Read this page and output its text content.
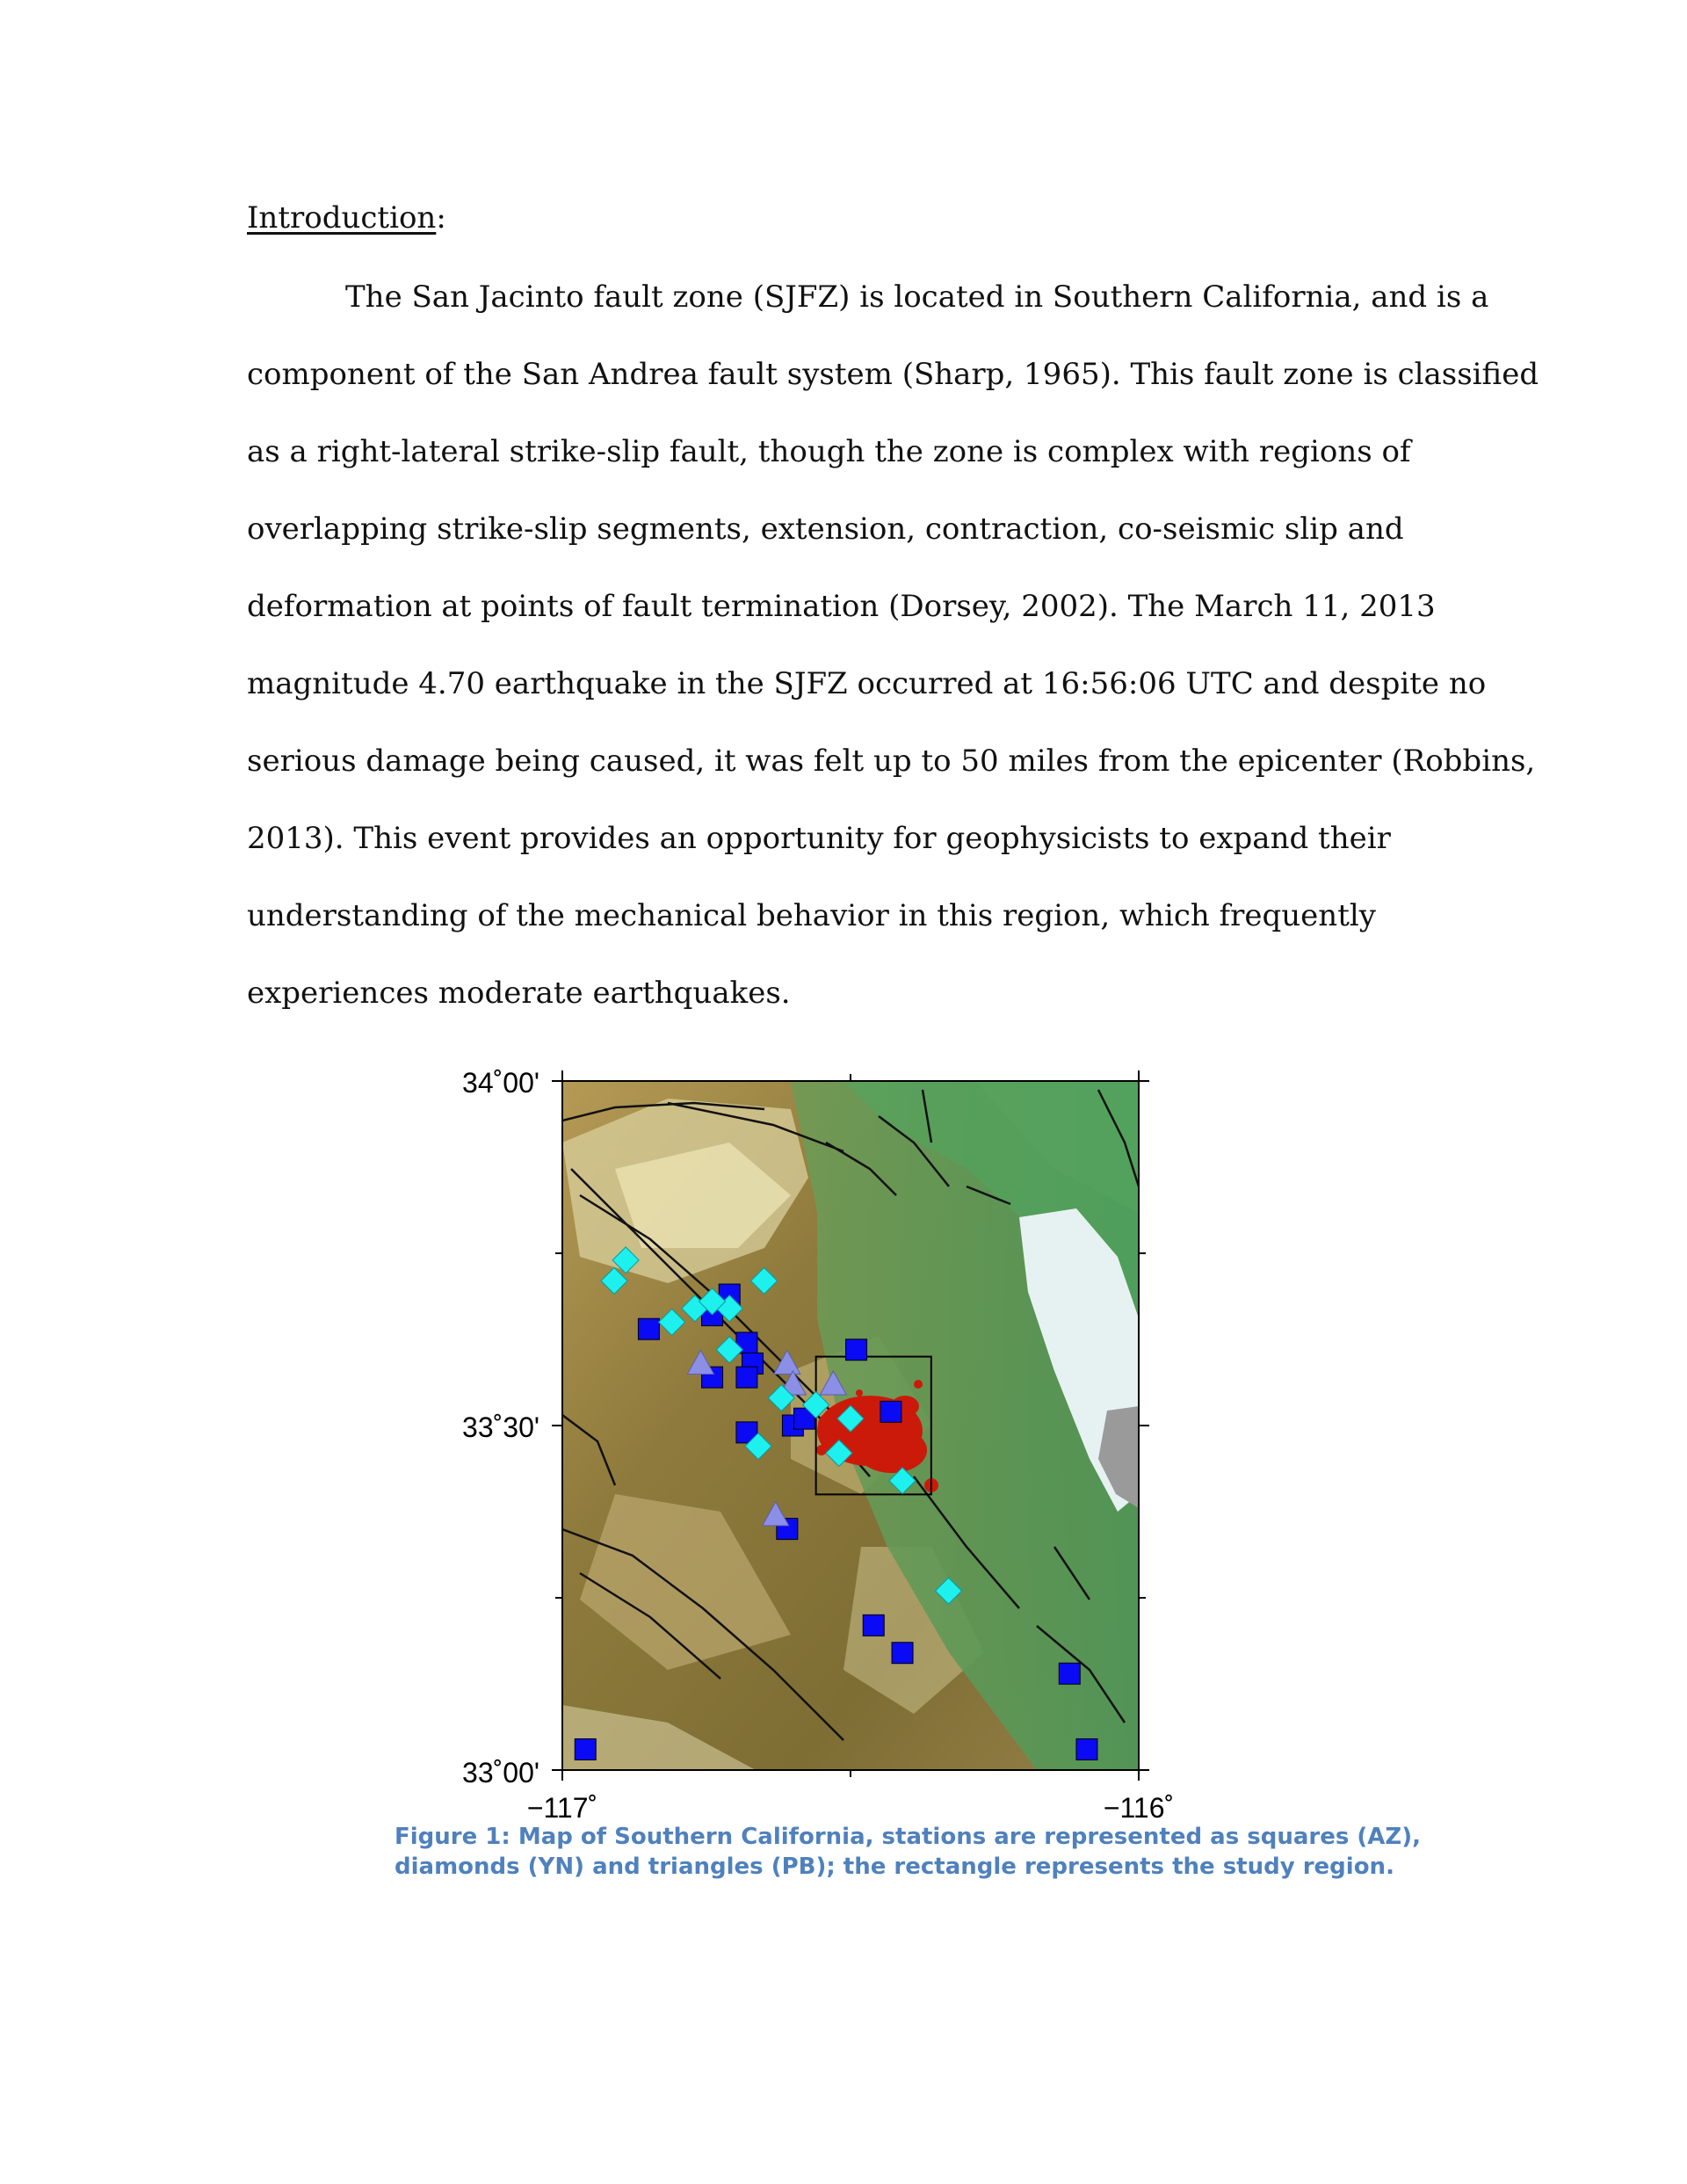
Introduction:
The San Jacinto fault zone (SJFZ) is located in Southern California, and is a
component of the San Andrea fault system (Sharp, 1965). This fault zone is classified
as a right-lateral strike-slip fault, though the zone is complex with regions of
overlapping strike-slip segments, extension, contraction, co-seismic slip and
deformation at points of fault termination (Dorsey, 2002). The March 11, 2013
magnitude 4.70 earthquake in the SJFZ occurred at 16:56:06 UTC and despite no
serious damage being caused, it was felt up to 50 miles from the epicenter (Robbins,
2013). This event provides an opportunity for geophysicists to expand their
understanding of the mechanical behavior in this region, which frequently
experiences moderate earthquakes.
34˚00'
33˚30'
33˚00'
−117˚	−116˚
Figure 1: Map of Southern California, stations are represented as squares (AZ),
diamonds (YN) and triangles (PB); the rectangle represents the study region.
